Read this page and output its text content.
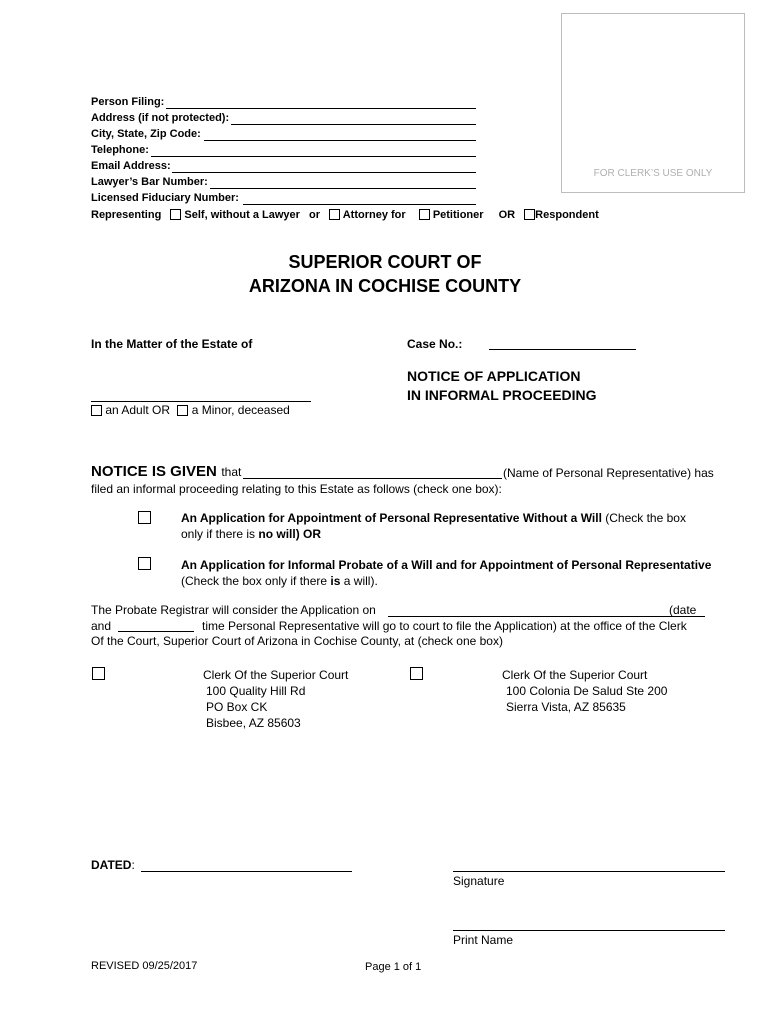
FOR CLERK’S USE ONLY
Person Filing:
Address (if not protected):
City, State, Zip Code:
Telephone:
Email Address:
Lawyer’s Bar Number:
Licensed Fiduciary Number:
Representing Self, without a Lawyer or Attorney for Petitioner OR Respondent
SUPERIOR COURT OF
ARIZONA IN COCHISE COUNTY
In the Matter of the Estate of	Case No.:
NOTICE OF APPLICATION
IN INFORMAL PROCEEDING
an Adult OR a Minor, deceased
NOTICE IS GIVEN that	(Name of Personal Representative) has
filed an informal proceeding relating to this Estate as follows (check one box):
An Application for Appointment of Personal Representative Without a Will (Check the box
only if there is no will) OR
An Application for Informal Probate of a Will and for Appointment of Personal Representative
(Check the box only if there is a will).
The Probate Registrar will consider the Application on	(date
and	time Personal Representative will go to court to file the Application) at the office of the Clerk
Of the Court, Superior Court of Arizona in Cochise County, at (check one box)
Clerk Of the Superior Court
100 Quality Hill Rd
PO Box CK
Bisbee, AZ 85603
Clerk Of the Superior Court
100 Colonia De Salud Ste 200
Sierra Vista, AZ 85635
DATED:
Signature
Print Name
REVISED 09/25/2017	Page 1 of 1
